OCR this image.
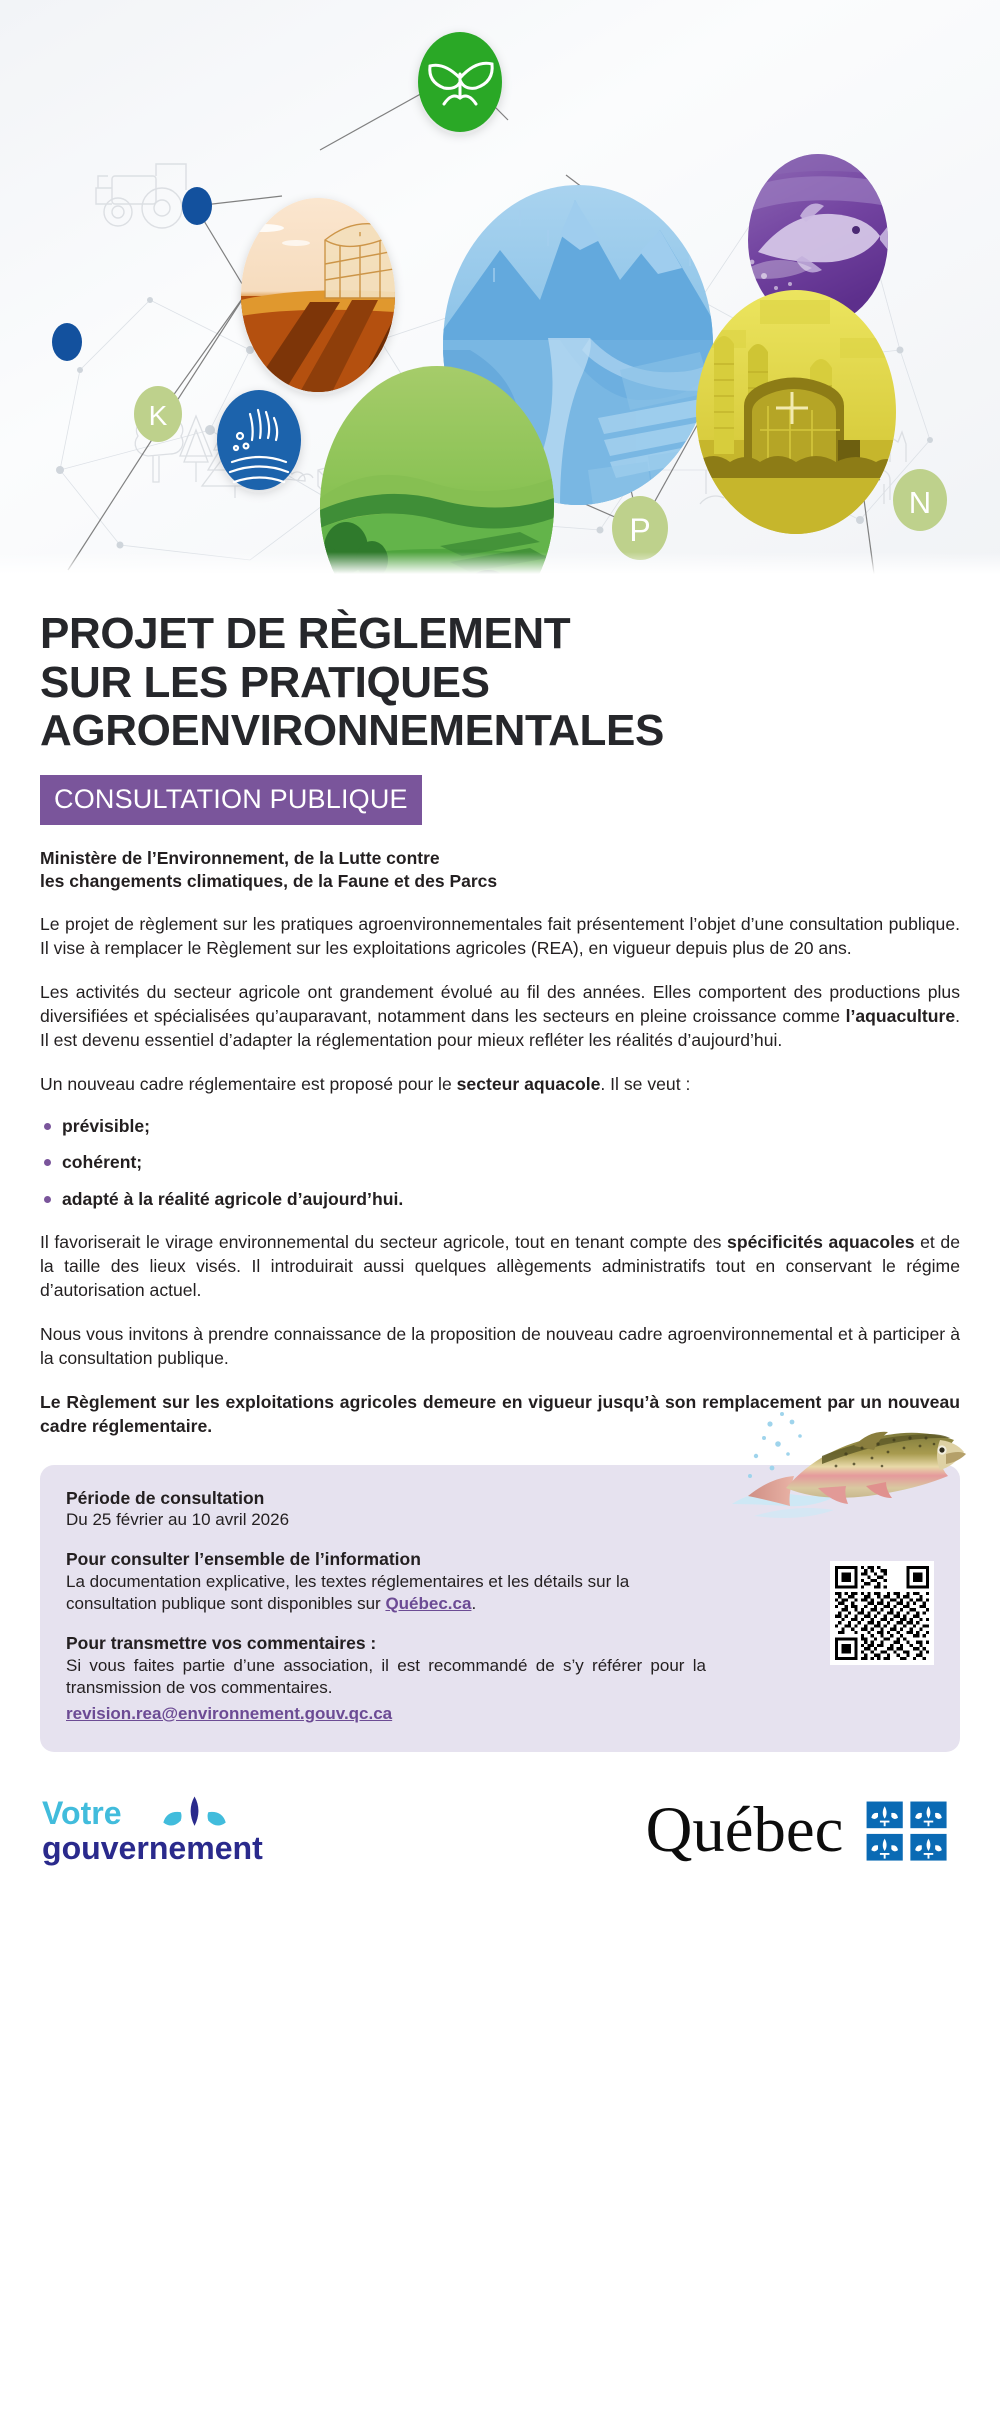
K
N
P
PROJET DE RÈGLEMENT
SUR LES PRATIQUES
AGROENVIRONNEMENTALES
CONSULTATION PUBLIQUE
Ministère de l’Environnement, de la Lutte contre
les changements climatiques, de la Faune et des Parcs

Le projet de règlement sur les pratiques agroenvironnementales fait présentement l’objet d’une consultation publique. Il vise à remplacer le Règlement sur les exploitations agricoles (REA), en vigueur depuis plus de 20 ans.

Les activités du secteur agricole ont grandement évolué au fil des années. Elles comportent des productions plus diversifiées et spécialisées qu’auparavant, notamment dans les secteurs en pleine croissance comme l’aquaculture. Il est devenu essentiel d’adapter la réglementation pour mieux refléter les réalités d’aujourd’hui.

Un nouveau cadre réglementaire est proposé pour le secteur aquacole. Il se veut :

prévisible;
cohérent;
adapté à la réalité agricole d’aujourd’hui.

Il favoriserait le virage environnemental du secteur agricole, tout en tenant compte des spécificités aquacoles et de la taille des lieux visés. Il introduirait aussi quelques allègements administratifs tout en conservant le régime d’autorisation actuel.

Nous vous invitons à prendre connaissance de la proposition de nouveau cadre agroenvironnemental et à participer à la consultation publique.

Le Règlement sur les exploitations agricoles demeure en vigueur jusqu’à son remplacement par un nouveau cadre réglementaire.

Période de consultation
Du 25 février au 10 avril 2026
Pour consulter l’ensemble de l’information
La documentation explicative, les textes réglementaires et les détails sur la consultation publique sont disponibles sur Québec.ca.
Pour transmettre vos commentaires :
Si vous faites partie d’une association, il est recommandé de s’y référer pour la transmission de vos commentaires.
revision.rea@environnement.gouv.qc.ca
Votre
gouvernement	Québec
